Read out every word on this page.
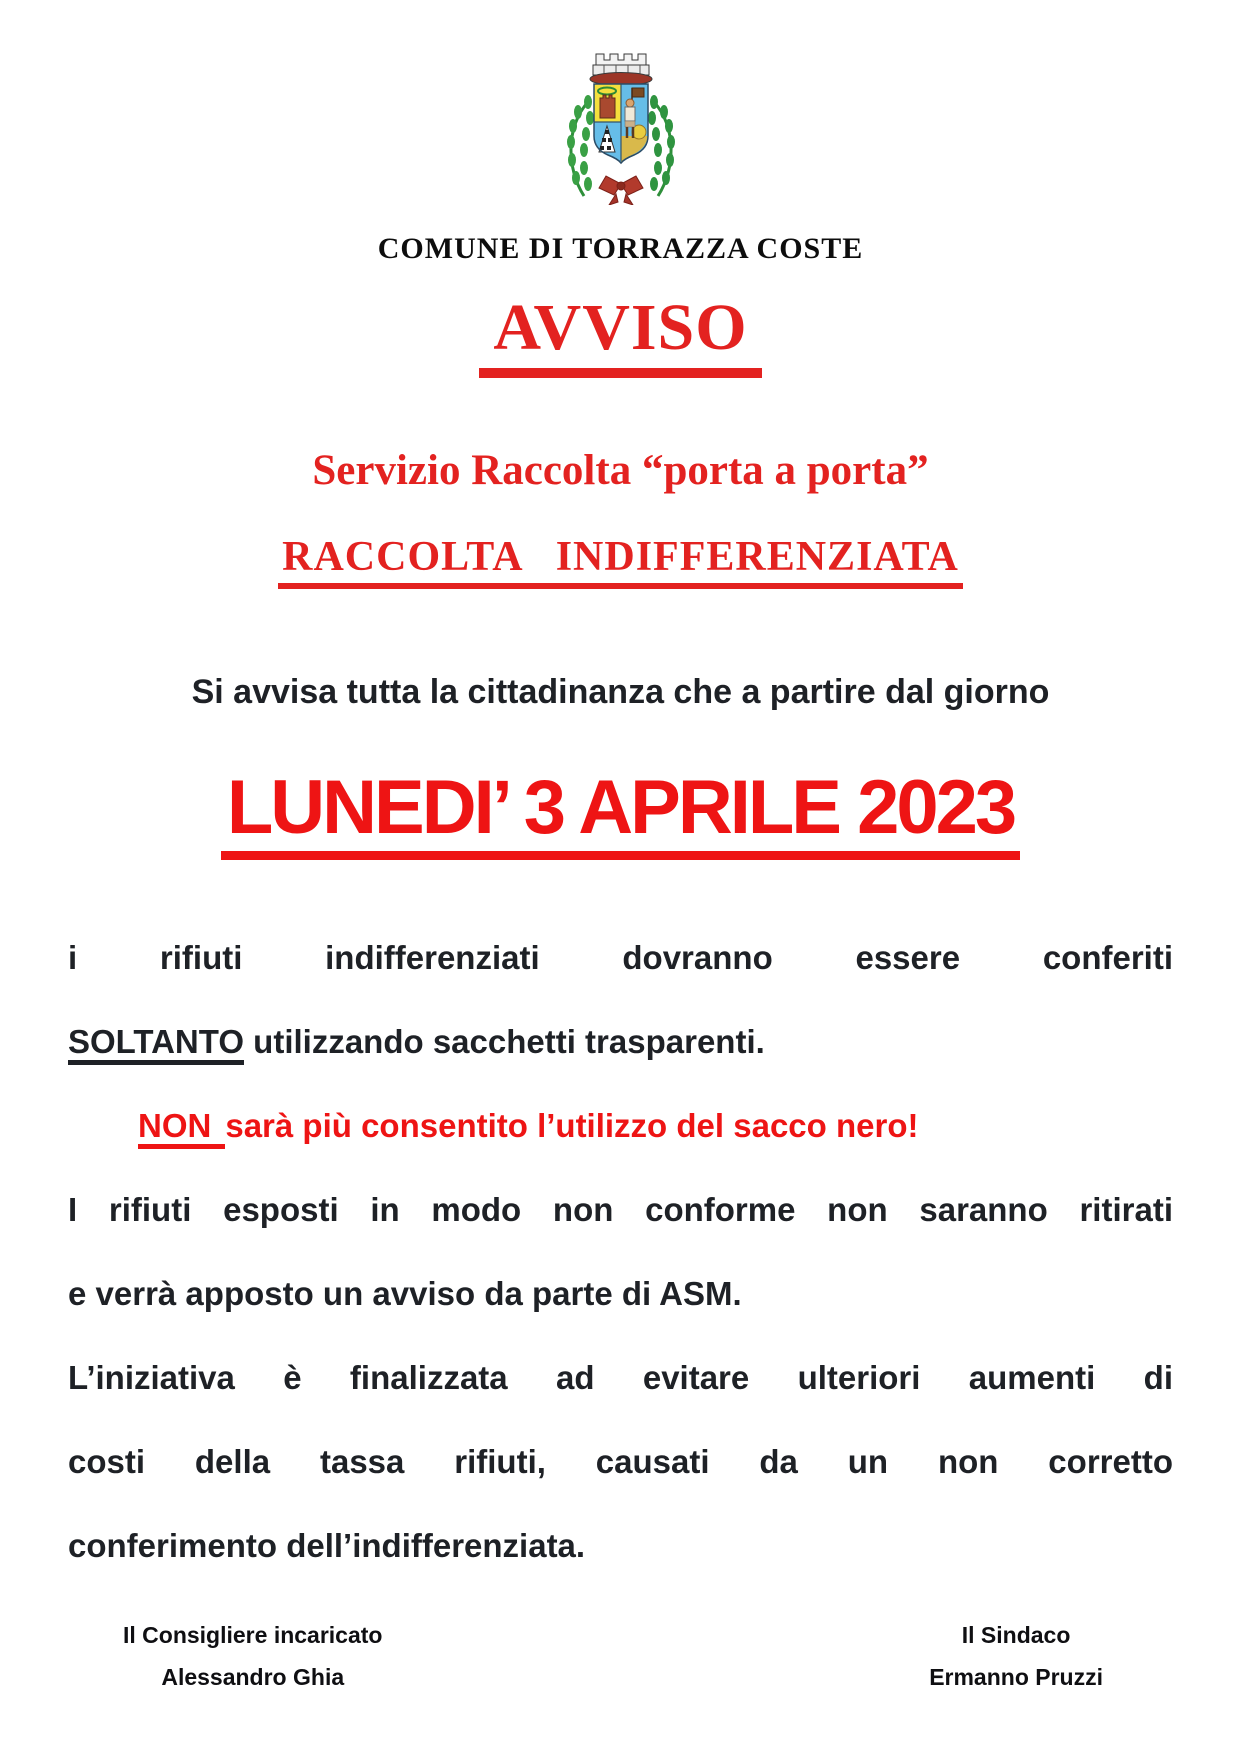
COMUNE DI TORRAZZA COSTE
AVVISO
Servizio Raccolta “porta a porta”
RACCOLTA   INDIFFERENZIATA

Si avvisa tutta la cittadinanza che a partire dal giorno

LUNEDI’ 3 APRILE 2023

i rifiuti indifferenziati dovranno essere conferiti

SOLTANTO utilizzando sacchetti trasparenti.

NON sarà più consentito l’utilizzo del sacco nero!

I rifiuti esposti in modo non conforme non saranno ritirati

e verrà apposto un avviso da parte di ASM.

L’iniziativa è finalizzata ad evitare ulteriori aumenti di

costi della tassa rifiuti, causati da un non corretto

conferimento dell’indifferenziata.

Il Consigliere incaricato
Alessandro Ghia
Il Sindaco
Ermanno Pruzzi
